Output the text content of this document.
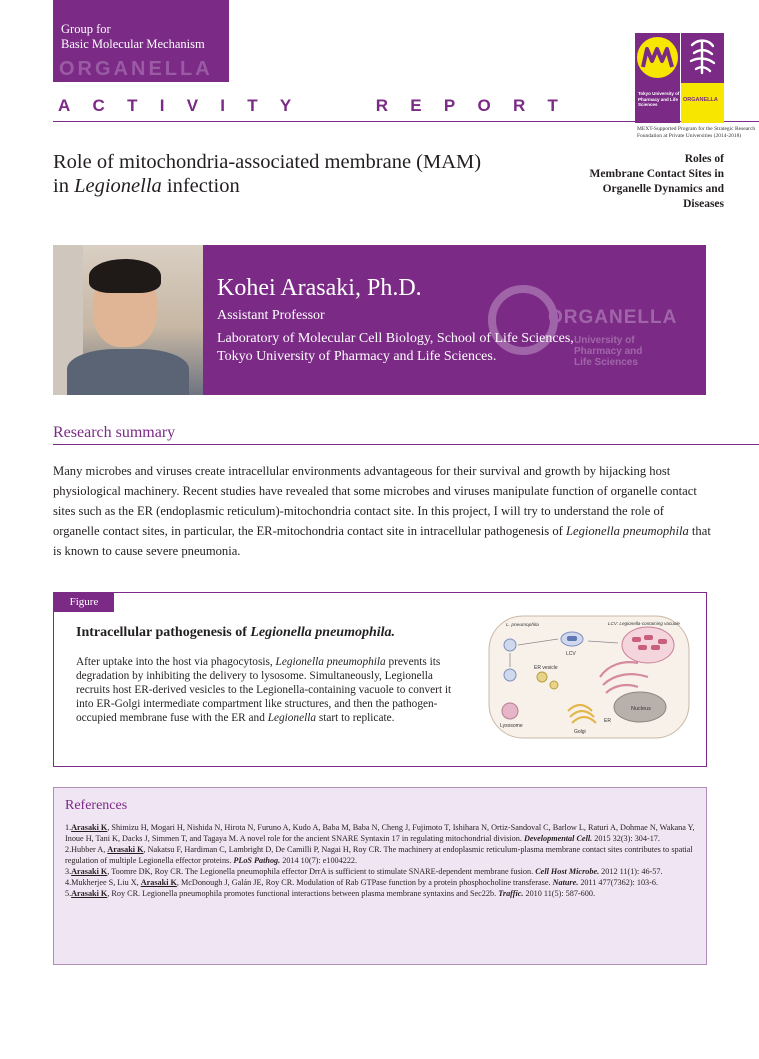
Group for
Basic Molecular Mechanism
ORGANELLA
A C T I V I T Y	R E P O R T
Tokyo University of Pharmacy and Life Sciences
ORGANELLA
MEXT-Supported Program for the Strategic Research Foundation at Private Universities (2014-2018)
Role of mitochondria-associated membrane (MAM)
in Legionella infection
Roles of
Membrane Contact Sites in
Organelle Dynamics and
Diseases
ORGANELLA
University of
Pharmacy and
Life Sciences
Kohei Arasaki, Ph.D.
Assistant Professor
Laboratory of Molecular Cell Biology, School of Life Sciences,
Tokyo University of Pharmacy and Life Sciences.
Research summary
Many microbes and viruses create intracellular environments advantageous for their survival and growth by hijacking host physiological machinery. Recent studies have revealed that some microbes and viruses manipulate function of organelle contact sites such as the ER (endoplasmic reticulum)-mitochondria contact site. In this project, I will try to understand the role of organelle contact sites, in particular, the ER-mitochondria contact site in intracellular pathogenesis of Legionella pneumophila that is known to cause severe pneumonia.
Figure
Intracellular pathogenesis of Legionella pneumophila.
After uptake into the host via phagocytosis, Legionella pneumophila prevents its degradation by inhibiting the delivery to lysosome. Simultaneously, Legionella recruits host ER-derived vesicles to the Legionella-containing vacuole to convert it into ER-Golgi intermediate compartment like structures, and then the pathogen-occupied membrane fuse with the ER and Legionella start to replicate.
Nucleus
ER
Golgi
Lysosome
LCV
L. pneumophila	LCV: Legionella-containing vacuole
ER vesicle
References
1.Arasaki K, Shimizu H, Mogari H, Nishida N, Hirota N, Furuno A, Kudo A, Baba M, Baba N, Cheng J, Fujimoto T, Ishihara N, Ortiz-Sandoval C, Barlow L, Raturi A, Dohmae N, Wakana Y, Inoue H, Tani K, Dacks J, Simmen T, and Tagaya M. A novel role for the ancient SNARE Syntaxin 17 in regulating mitochondrial division. Developmental Cell. 2015 32(3): 304-17.
2.Hubber A, Arasaki K, Nakatsu F, Hardiman C, Lambright D, De Camilli P, Nagai H, Roy CR. The machinery at endoplasmic reticulum-plasma membrane contact sites contributes to spatial regulation of multiple Legionella effector proteins. PLoS Pathog. 2014 10(7): e1004222.
3.Arasaki K, Toomre DK, Roy CR. The Legionella pneumophila effector DrrA is sufficient to stimulate SNARE-dependent membrane fusion. Cell Host Microbe. 2012 11(1): 46-57.
4.Mukherjee S, Liu X, Arasaki K, McDonough J, Galán JE, Roy CR. Modulation of Rab GTPase function by a protein phosphocholine transferase. Nature. 2011 477(7362): 103-6.
5.Arasaki K, Roy CR. Legionella pneumophila promotes functional interactions between plasma membrane syntaxins and Sec22b. Traffic. 2010 11(5): 587-600.
